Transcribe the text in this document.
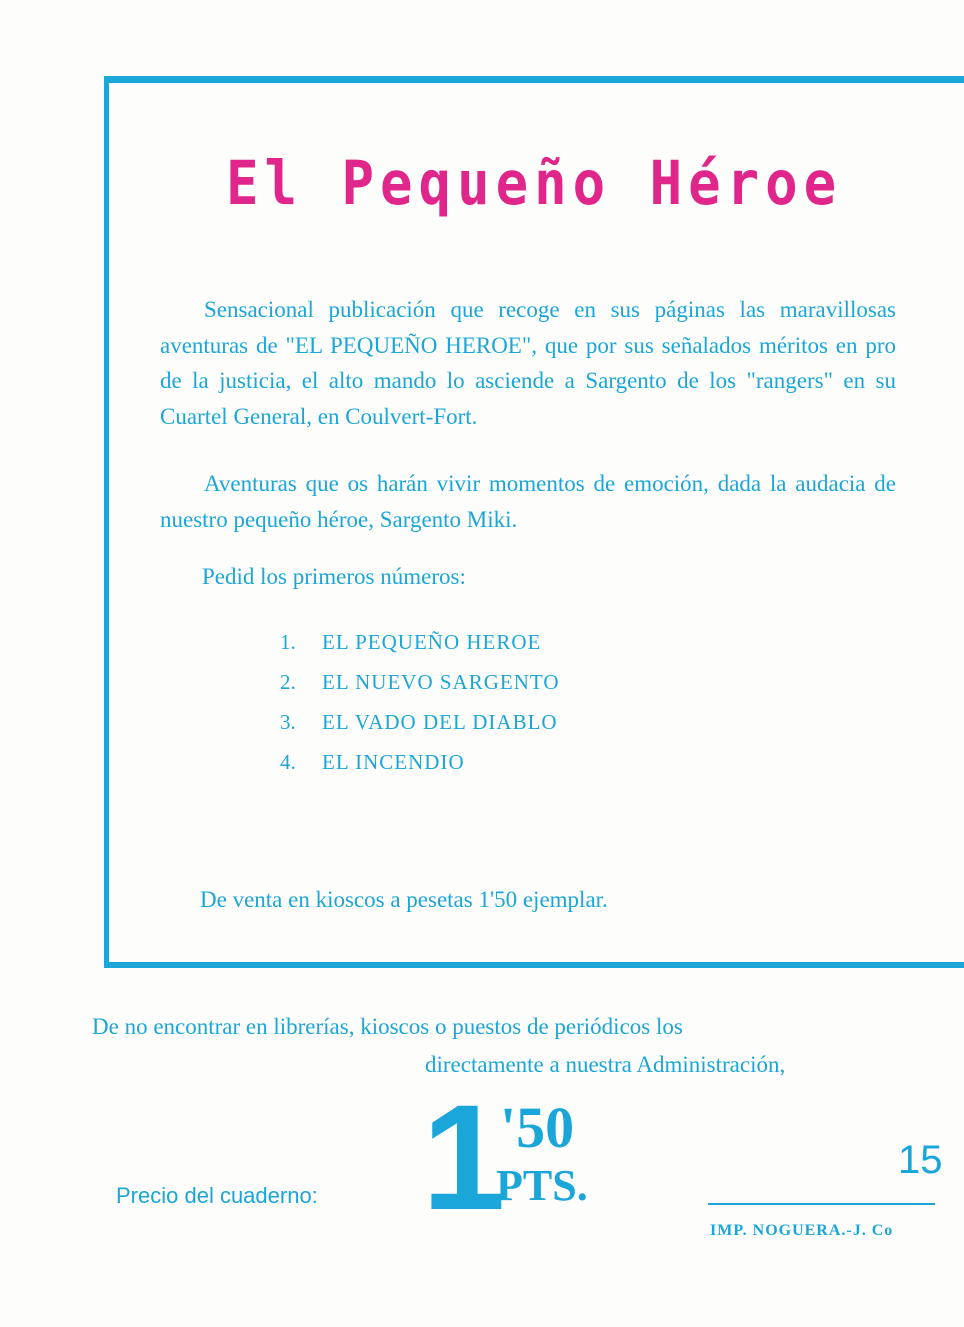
El Pequeño Héroe

Sensacional publicación que recoge en sus páginas las maravillosas aventuras de "EL PEQUEÑO HEROE", que por sus señalados méritos en pro de la justicia, el alto mando lo asciende a Sargento de los "rangers" en su Cuartel General, en Coulvert-Fort.

Aventuras que os harán vivir momentos de emoción, dada la audacia de nuestro pequeño héroe, Sargento Miki.

Pedid los primeros números:

1. EL PEQUEÑO HEROE
2. EL NUEVO SARGENTO
3. EL VADO DEL DIABLO
4. EL INCENDIO

De venta en kioscos a pesetas 1'50 ejemplar.

De no encontrar en librerías, kioscos o puestos de periódicos los
directamente a nuestra Administración,
Precio del cuaderno: 1 '50
PTS.
15
IMP. NOGUERA.-J. Co
